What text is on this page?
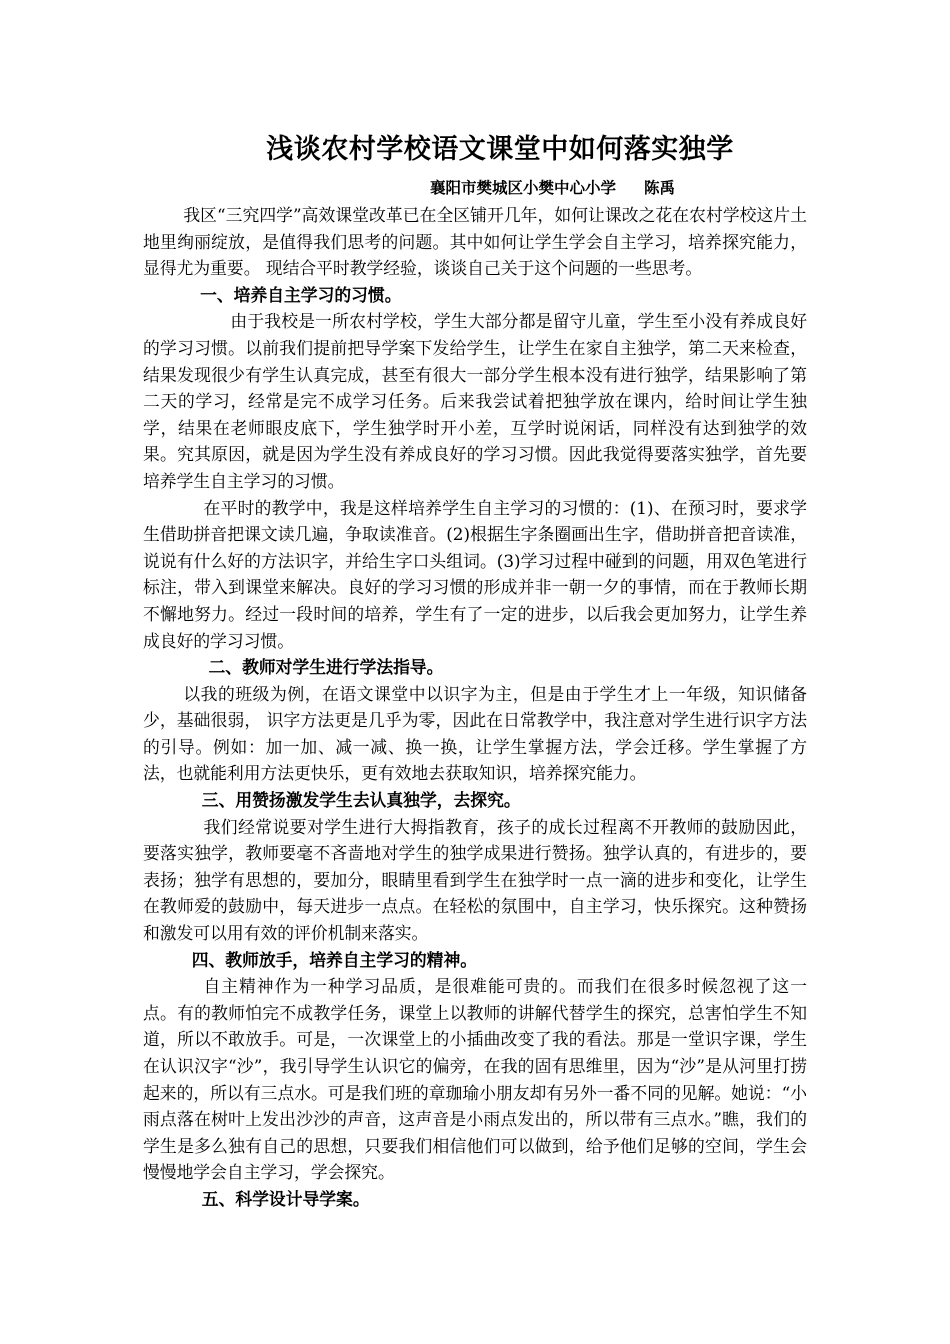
浅谈农村学校语文课堂中如何落实独学
襄阳市樊城区小樊中心小学 陈禹

我区“三究四学”高效课堂改革已在全区铺开几年，如何让课改之花在农村学校这片土地里绚丽绽放，是值得我们思考的问题。其中如何让学生学会自主学习，培养探究能力，显得尤为重要。 现结合平时教学经验，谈谈自己关于这个问题的一些思考。

一、培养自主学习的习惯。

由于我校是一所农村学校，学生大部分都是留守儿童，学生至小没有养成良好的学习习惯。以前我们提前把导学案下发给学生，让学生在家自主独学，第二天来检查，结果发现很少有学生认真完成，甚至有很大一部分学生根本没有进行独学，结果影响了第二天的学习，经常是完不成学习任务。后来我尝试着把独学放在课内，给时间让学生独学，结果在老师眼皮底下，学生独学时开小差，互学时说闲话，同样没有达到独学的效果。究其原因，就是因为学生没有养成良好的学习习惯。因此我觉得要落实独学，首先要培养学生自主学习的习惯。

在平时的教学中，我是这样培养学生自主学习的习惯的：(1)、在预习时，要求学生借助拼音把课文读几遍，争取读准音。(2)根据生字条圈画出生字，借助拼音把音读准，说说有什么好的方法识字，并给生字口头组词。(3)学习过程中碰到的问题，用双色笔进行标注，带入到课堂来解决。良好的学习习惯的形成并非一朝一夕的事情，而在于教师长期不懈地努力。经过一段时间的培养，学生有了一定的进步，以后我会更加努力，让学生养成良好的学习习惯。

二、教师对学生进行学法指导。

以我的班级为例，在语文课堂中以识字为主，但是由于学生才上一年级，知识储备少，基础很弱， 识字方法更是几乎为零，因此在日常教学中，我注意对学生进行识字方法的引导。例如：加一加、减一减、换一换，让学生掌握方法，学会迁移。学生掌握了方法，也就能利用方法更快乐，更有效地去获取知识，培养探究能力。

三、用赞扬激发学生去认真独学，去探究。

我们经常说要对学生进行大拇指教育，孩子的成长过程离不开教师的鼓励因此，要落实独学，教师要毫不吝啬地对学生的独学成果进行赞扬。独学认真的，有进步的，要表扬；独学有思想的，要加分，眼睛里看到学生在独学时一点一滴的进步和变化，让学生在教师爱的鼓励中，每天进步一点点。在轻松的氛围中，自主学习，快乐探究。这种赞扬和激发可以用有效的评价机制来落实。

四、教师放手，培养自主学习的精神。

自主精神作为一种学习品质，是很难能可贵的。而我们在很多时候忽视了这一点。有的教师怕完不成教学任务，课堂上以教师的讲解代替学生的探究，总害怕学生不知道，所以不敢放手。可是，一次课堂上的小插曲改变了我的看法。那是一堂识字课，学生在认识汉字“沙”，我引导学生认识它的偏旁，在我的固有思维里，因为“沙”是从河里打捞起来的，所以有三点水。可是我们班的章珈瑜小朋友却有另外一番不同的见解。她说：“小雨点落在树叶上发出沙沙的声音，这声音是小雨点发出的，所以带有三点水。”瞧，我们的学生是多么独有自己的思想，只要我们相信他们可以做到，给予他们足够的空间，学生会慢慢地学会自主学习，学会探究。

五、科学设计导学案。
